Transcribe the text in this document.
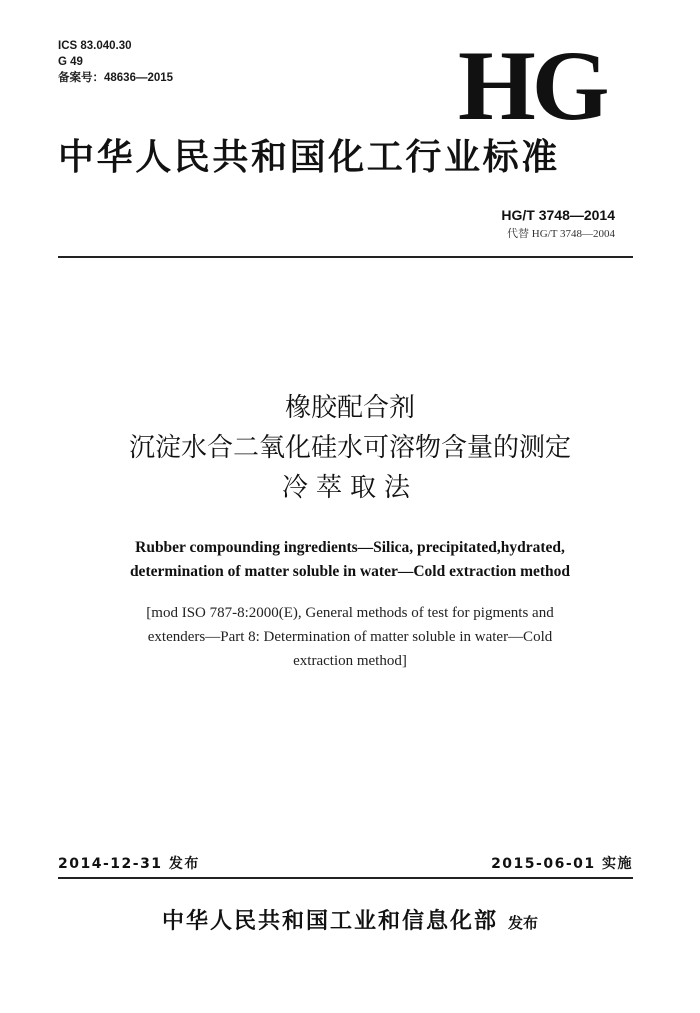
ICS 83.040.30
G 49
备案号：48636—2015	HG
中华人民共和国化工行业标准
HG/T 3748—2014
代替 HG/T 3748—2004
橡胶配合剂
沉淀水合二氧化硅水可溶物含量的测定
冷萃取法
Rubber compounding ingredients—Silica, precipitated,hydrated,
determination of matter soluble in water—Cold extraction method
[mod ISO 787-8:2000(E), General methods of test for pigments and
extenders—Part 8: Determination of matter soluble in water—Cold
extraction method]
2014-12-31 发布	2015-06-01 实施
中华人民共和国工业和信息化部 发布
